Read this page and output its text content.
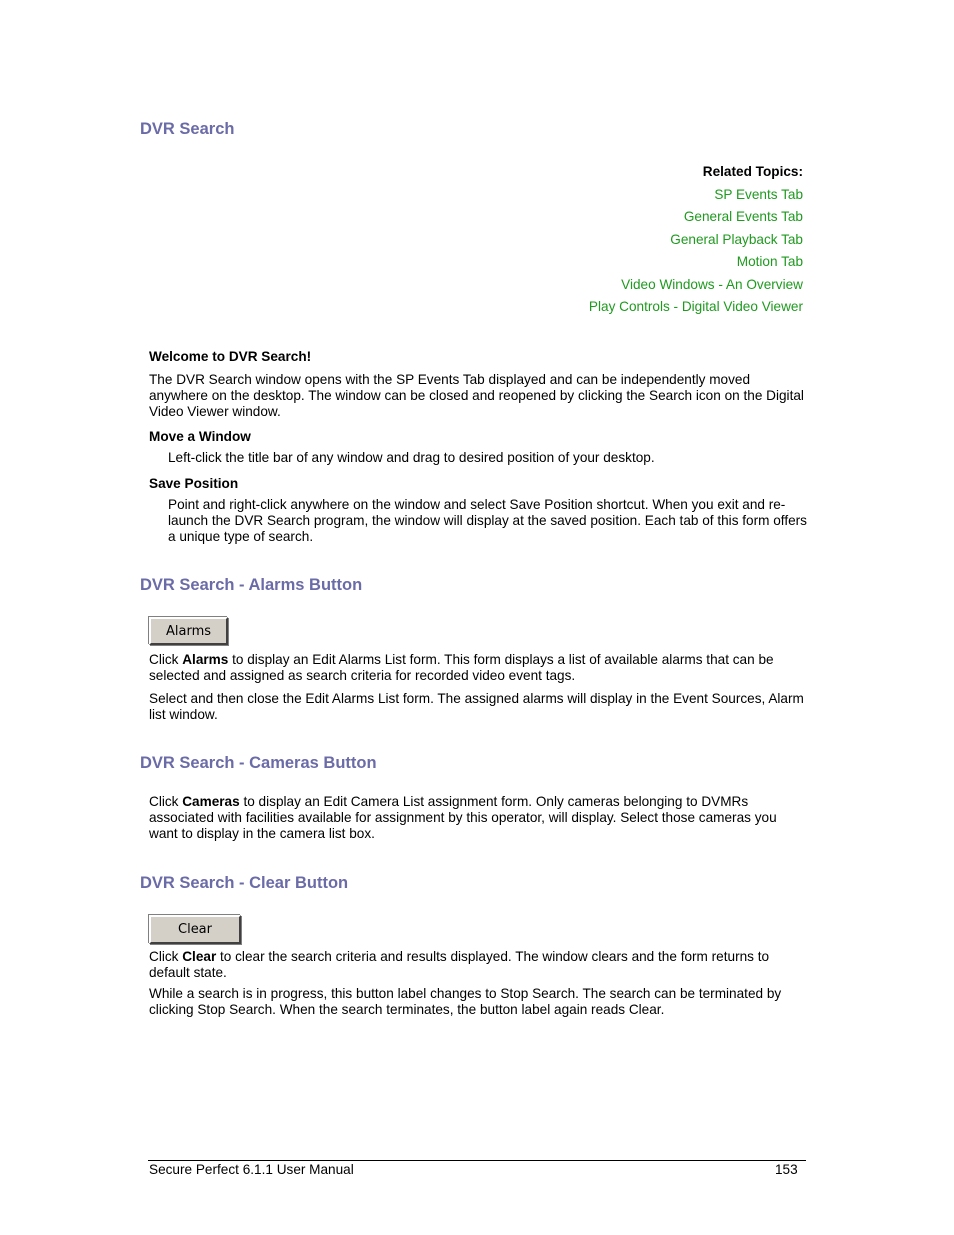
DVR Search
Related Topics:
SP Events Tab
General Events Tab
General Playback Tab
Motion Tab
Video Windows - An Overview
Play Controls - Digital Video Viewer
Welcome to DVR Search!

The DVR Search window opens with the SP Events Tab displayed and can be independently moved anywhere on the desktop. The window can be closed and reopened by clicking the Search icon on the Digital Video Viewer window.

Move a Window

Left-click the title bar of any window and drag to desired position of your desktop.

Save Position

Point and right-click anywhere on the window and select Save Position shortcut. When you exit and re-launch the DVR Search program, the window will display at the saved position. Each tab of this form offers a unique type of search.

DVR Search - Alarms Button
Alarms

Click Alarms to display an Edit Alarms List form. This form displays a list of available alarms that can be selected and assigned as search criteria for recorded video event tags.

Select and then close the Edit Alarms List form. The assigned alarms will display in the Event Sources, Alarm list window.

DVR Search - Cameras Button

Click Cameras to display an Edit Camera List assignment form. Only cameras belonging to DVMRs associated with facilities available for assignment by this operator, will display. Select those cameras you want to display in the camera list box.

DVR Search - Clear Button
Clear

Click Clear to clear the search criteria and results displayed. The window clears and the form returns to default state.

While a search is in progress, this button label changes to Stop Search. The search can be terminated by clicking Stop Search. When the search terminates, the button label again reads Clear.

Secure Perfect 6.1.1 User Manual	153
